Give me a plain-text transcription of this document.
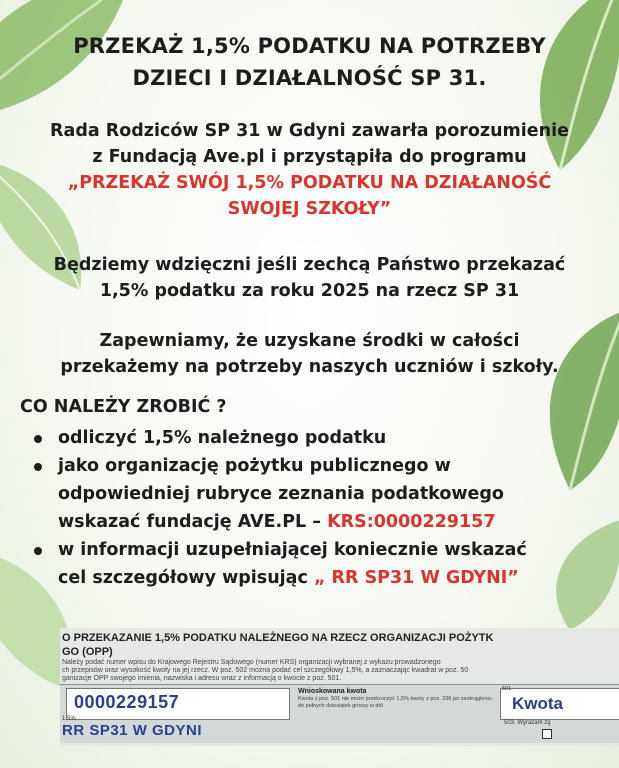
PRZEKAŻ 1,5% PODATKU NA POTRZEBY
DZIECI I DZIAŁALNOŚĆ SP 31.
Rada Rodziców SP 31 w Gdyni zawarła porozumienie
z Fundacją Ave.pl i przystąpiła do programu
„PRZEKAŻ SWÓJ 1,5% PODATKU NA DZIAŁANOŚĆ
SWOJEJ SZKOŁY”
Będziemy wdzięczni jeśli zechcą Państwo przekazać
1,5% podatku za roku 2025 na rzecz SP 31
Zapewniamy, że uzyskane środki w całości
przekażemy na potrzeby naszych uczniów i szkoły.
CO NALEŻY ZROBIĆ ?
odliczyć 1,5% należnego podatku
jako organizację pożytku publicznego w
odpowiedniej rubryce zeznania podatkowego
wskazać fundację AVE.PL – KRS:0000229157
w informacji uzupełniającej koniecznie wskazać
cel szczegółowy wpisując „ RR SP31 W GDYNI”
O PRZEKAZANIE 1,5% PODATKU NALEŻNEGO NA RZECZ ORGANIZACJI POŻYTK
GO (OPP)
Należy podać numer wpisu do Krajowego Rejestru Sądowego (numer KRS) organizacji wybranej z wykazu prowadzonego
ch przepisów oraz wysokość kwoty na jej rzecz. W poz. 502 można podać cel szczegółowy 1,5%, a zaznaczając kwadrat w poz. 50
ganizacje OPP swojego imienia, nazwiska i adresu wraz z informacją o kwocie z poz. 501.
0000229157
Wnioskowana kwota
Kwota z poz. 501 nie może przekroczyć 1,5% kwoty z poz. 296 po zaokrągleniu do pełnych dziesiątek groszy w dół
501.
Kwota
503. Wyrażam zg
1,5%
RR SP31 W GDYNI
